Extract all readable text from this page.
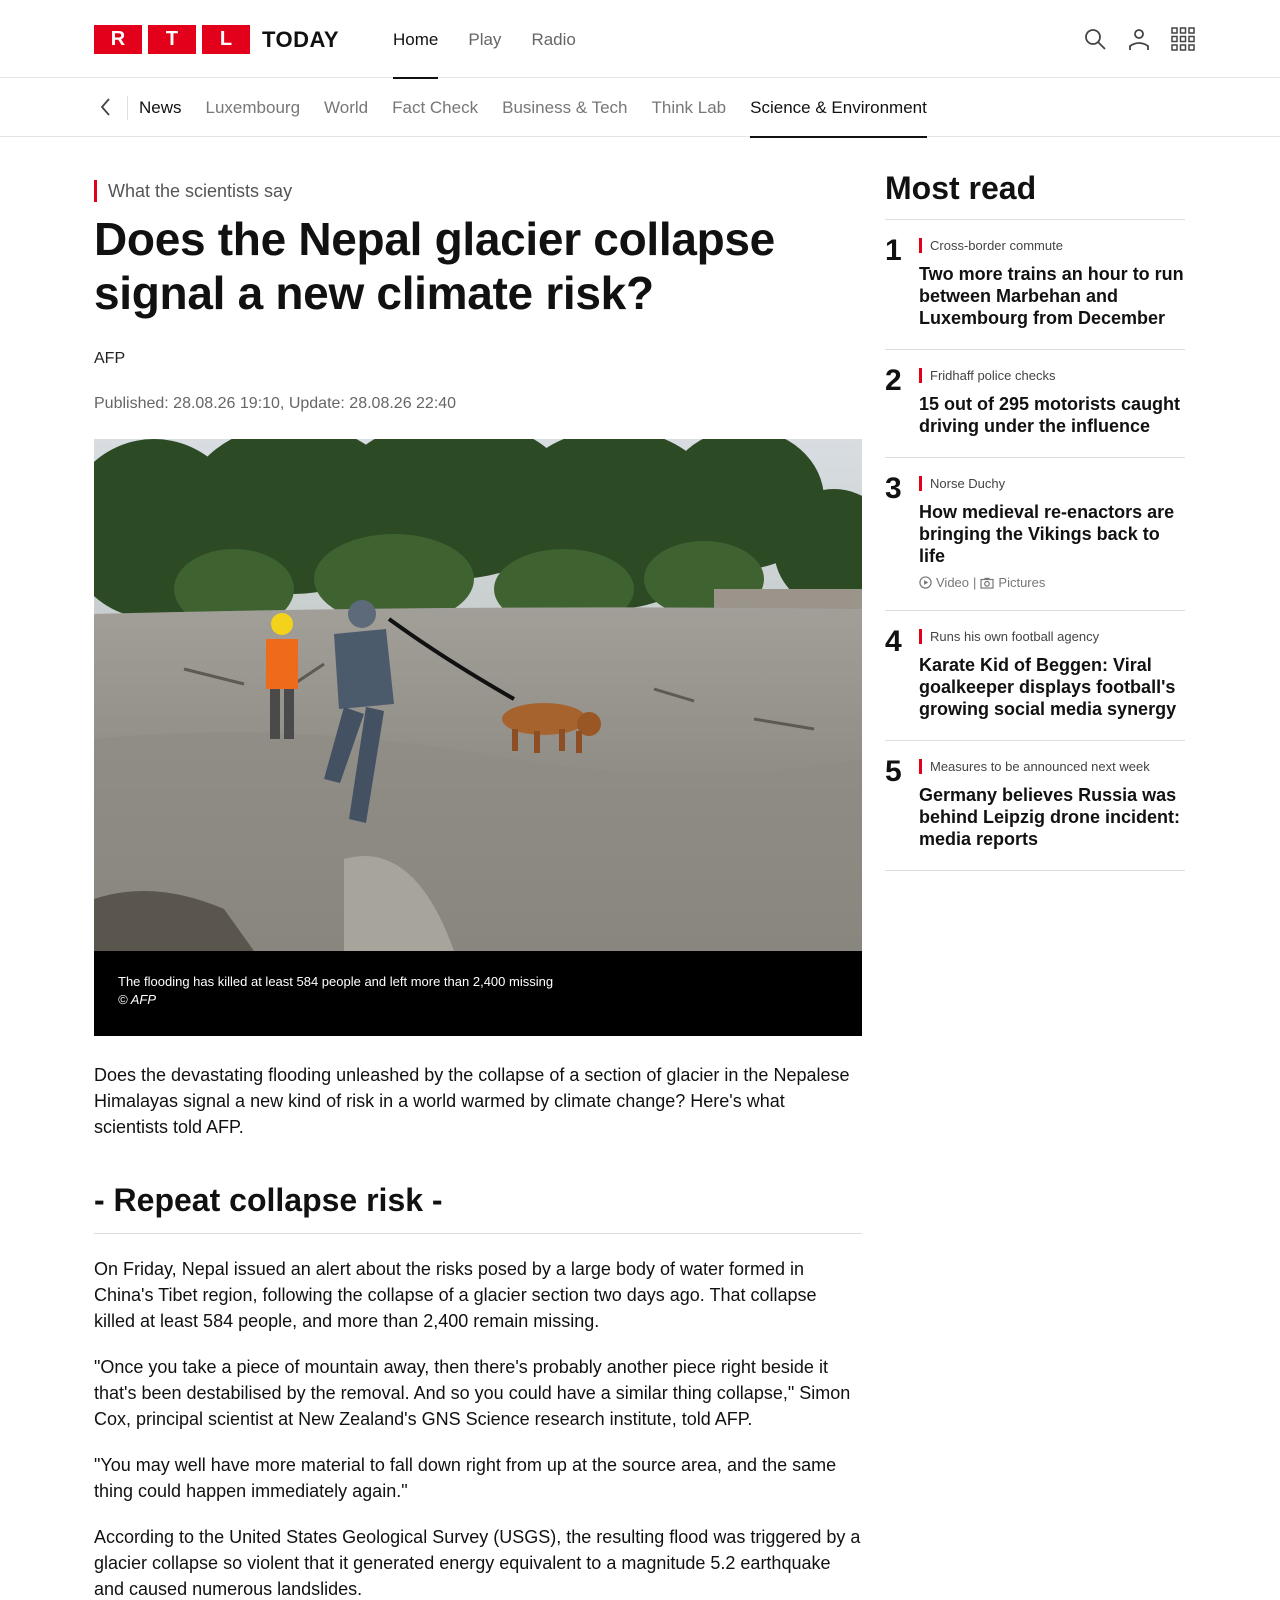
R	T	L	TODAY	Home Play Radio
News Luxembourg World Fact Check Business & Tech Think Lab Science & Environment
What the scientists say
Does the Nepal glacier collapse signal a new climate risk?
AFP
Published: 28.08.26 19:10, Update: 28.08.26 22:40
The flooding has killed at least 584 people and left more than 2,400 missing
© AFP

Does the devastating flooding unleashed by the collapse of a section of glacier in the Nepalese Himalayas signal a new kind of risk in a world warmed by climate change? Here's what scientists told AFP.

- Repeat collapse risk -

On Friday, Nepal issued an alert about the risks posed by a large body of water formed in China's Tibet region, following the collapse of a glacier section two days ago. That collapse killed at least 584 people, and more than 2,400 remain missing.

"Once you take a piece of mountain away, then there's probably another piece right beside it that's been destabilised by the removal. And so you could have a similar thing collapse," Simon Cox, principal scientist at New Zealand's GNS Science research institute, told AFP.

"You may well have more material to fall down right from up at the source area, and the same thing could happen immediately again."

According to the United States Geological Survey (USGS), the resulting flood was triggered by a glacier collapse so violent that it generated energy equivalent to a magnitude 5.2 earthquake and caused numerous landslides.

Most read
1	Cross-border commute
Two more trains an hour to run between Marbehan and Luxembourg from December
2	Fridhaff police checks
15 out of 295 motorists caught driving under the influence
3	Norse Duchy
How medieval re-enactors are bringing the Vikings back to life
Video | Pictures
4	Runs his own football agency
Karate Kid of Beggen: Viral goalkeeper displays football's growing social media synergy
5	Measures to be announced next week
Germany believes Russia was behind Leipzig drone incident: media reports
